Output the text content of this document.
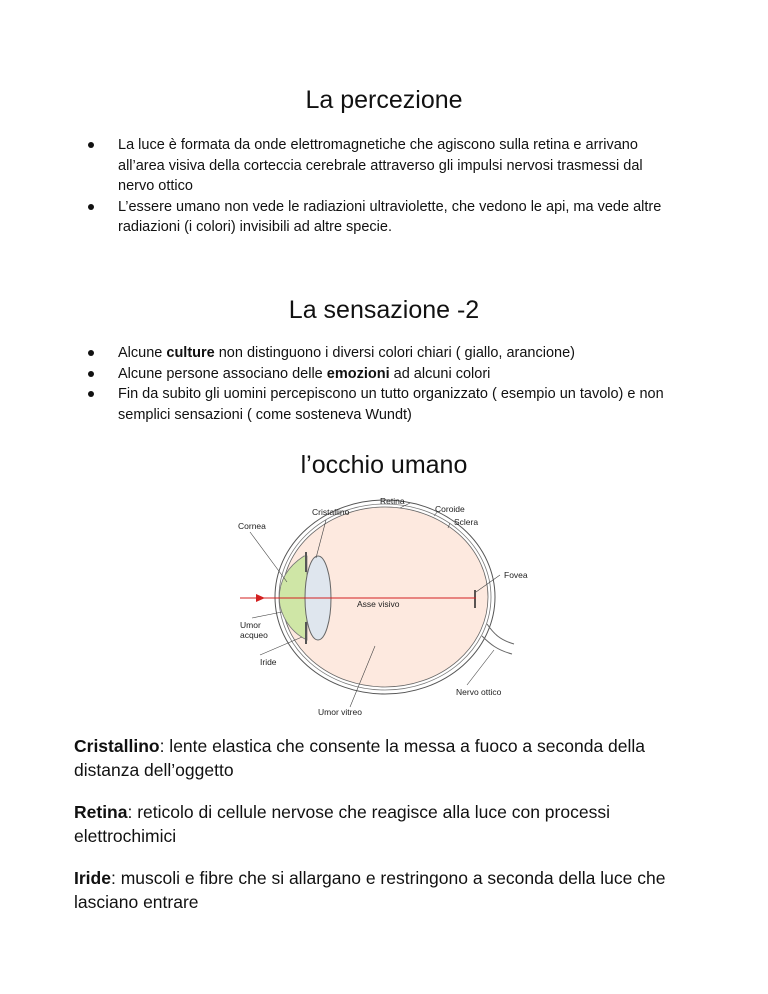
La percezione
La luce è formata da onde elettromagnetiche che agiscono sulla retina e arrivano all’area visiva della corteccia cerebrale attraverso gli impulsi nervosi trasmessi dal nervo ottico
L’essere umano non vede le radiazioni ultraviolette, che vedono le api, ma vede altre radiazioni (i colori) invisibili ad altre specie.
La sensazione -2
Alcune culture non distinguono i diversi colori chiari ( giallo, arancione)
Alcune persone associano delle emozioni ad alcuni colori
Fin da subito gli uomini percepiscono un tutto organizzato ( esempio un tavolo) e non semplici sensazioni ( come sosteneva Wundt)
l’occhio umano
Retina
Cristallino	Coroide
Sclera
Cornea
Fovea
Asse visivo
Umor
acqueo
Iride
Nervo ottico
Umor vitreo

Cristallino: lente elastica che consente la messa a fuoco a seconda della distanza dell’oggetto

Retina: reticolo di cellule nervose che reagisce alla luce con processi elettrochimici

Iride: muscoli e fibre che si allargano e restringono a seconda della luce che lasciano entrare
